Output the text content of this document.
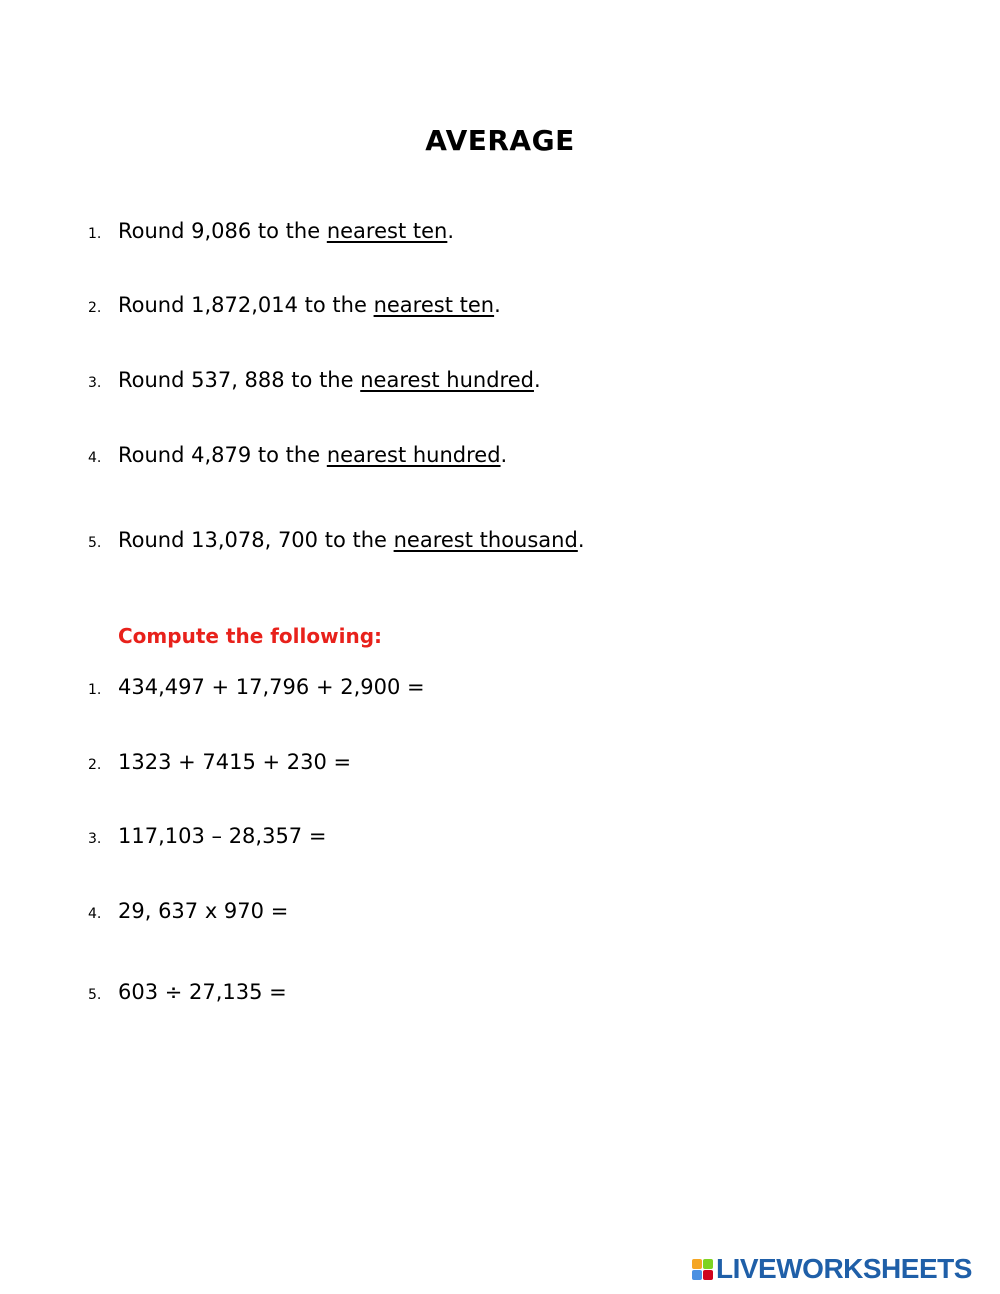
AVERAGE
1. Round 9,086 to the nearest ten.
2. Round 1,872,014 to the nearest ten.
3. Round 537, 888 to the nearest hundred.
4. Round 4,879 to the nearest hundred.
5. Round 13,078, 700 to the nearest thousand.
Compute the following:
1. 434,497 + 17,796 + 2,900 =
2. 1323 + 7415 + 230 =
3. 117,103 – 28,357 =
4. 29, 637 x 970 =
5. 603 ÷ 27,135 =
LIVEWORKSHEETS
